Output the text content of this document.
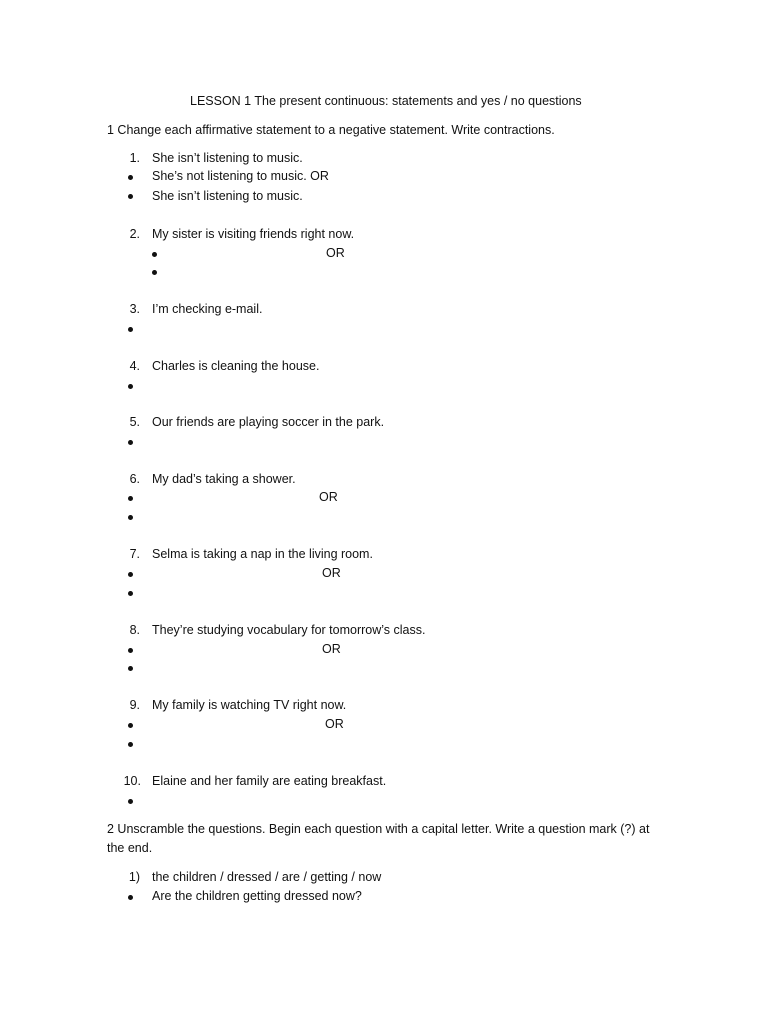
LESSON 1 The present continuous: statements and yes / no questions
1 Change each affirmative statement to a negative statement. Write contractions.
1. She isn’t listening to music.
She’s not listening to music. OR
She isn’t listening to music.
2. My sister is visiting friends right now.
OR
3. I’m checking e-mail.
4. Charles is cleaning the house.
5. Our friends are playing soccer in the park.
6. My dad’s taking a shower.
OR
7. Selma is taking a nap in the living room.
OR
8. They’re studying vocabulary for tomorrow’s class.
OR
9. My family is watching TV right now.
OR
10. Elaine and her family are eating breakfast.
2 Unscramble the questions. Begin each question with a capital letter. Write a question mark (?) at
the end.
1) the children / dressed / are / getting / now
Are the children getting dressed now?
